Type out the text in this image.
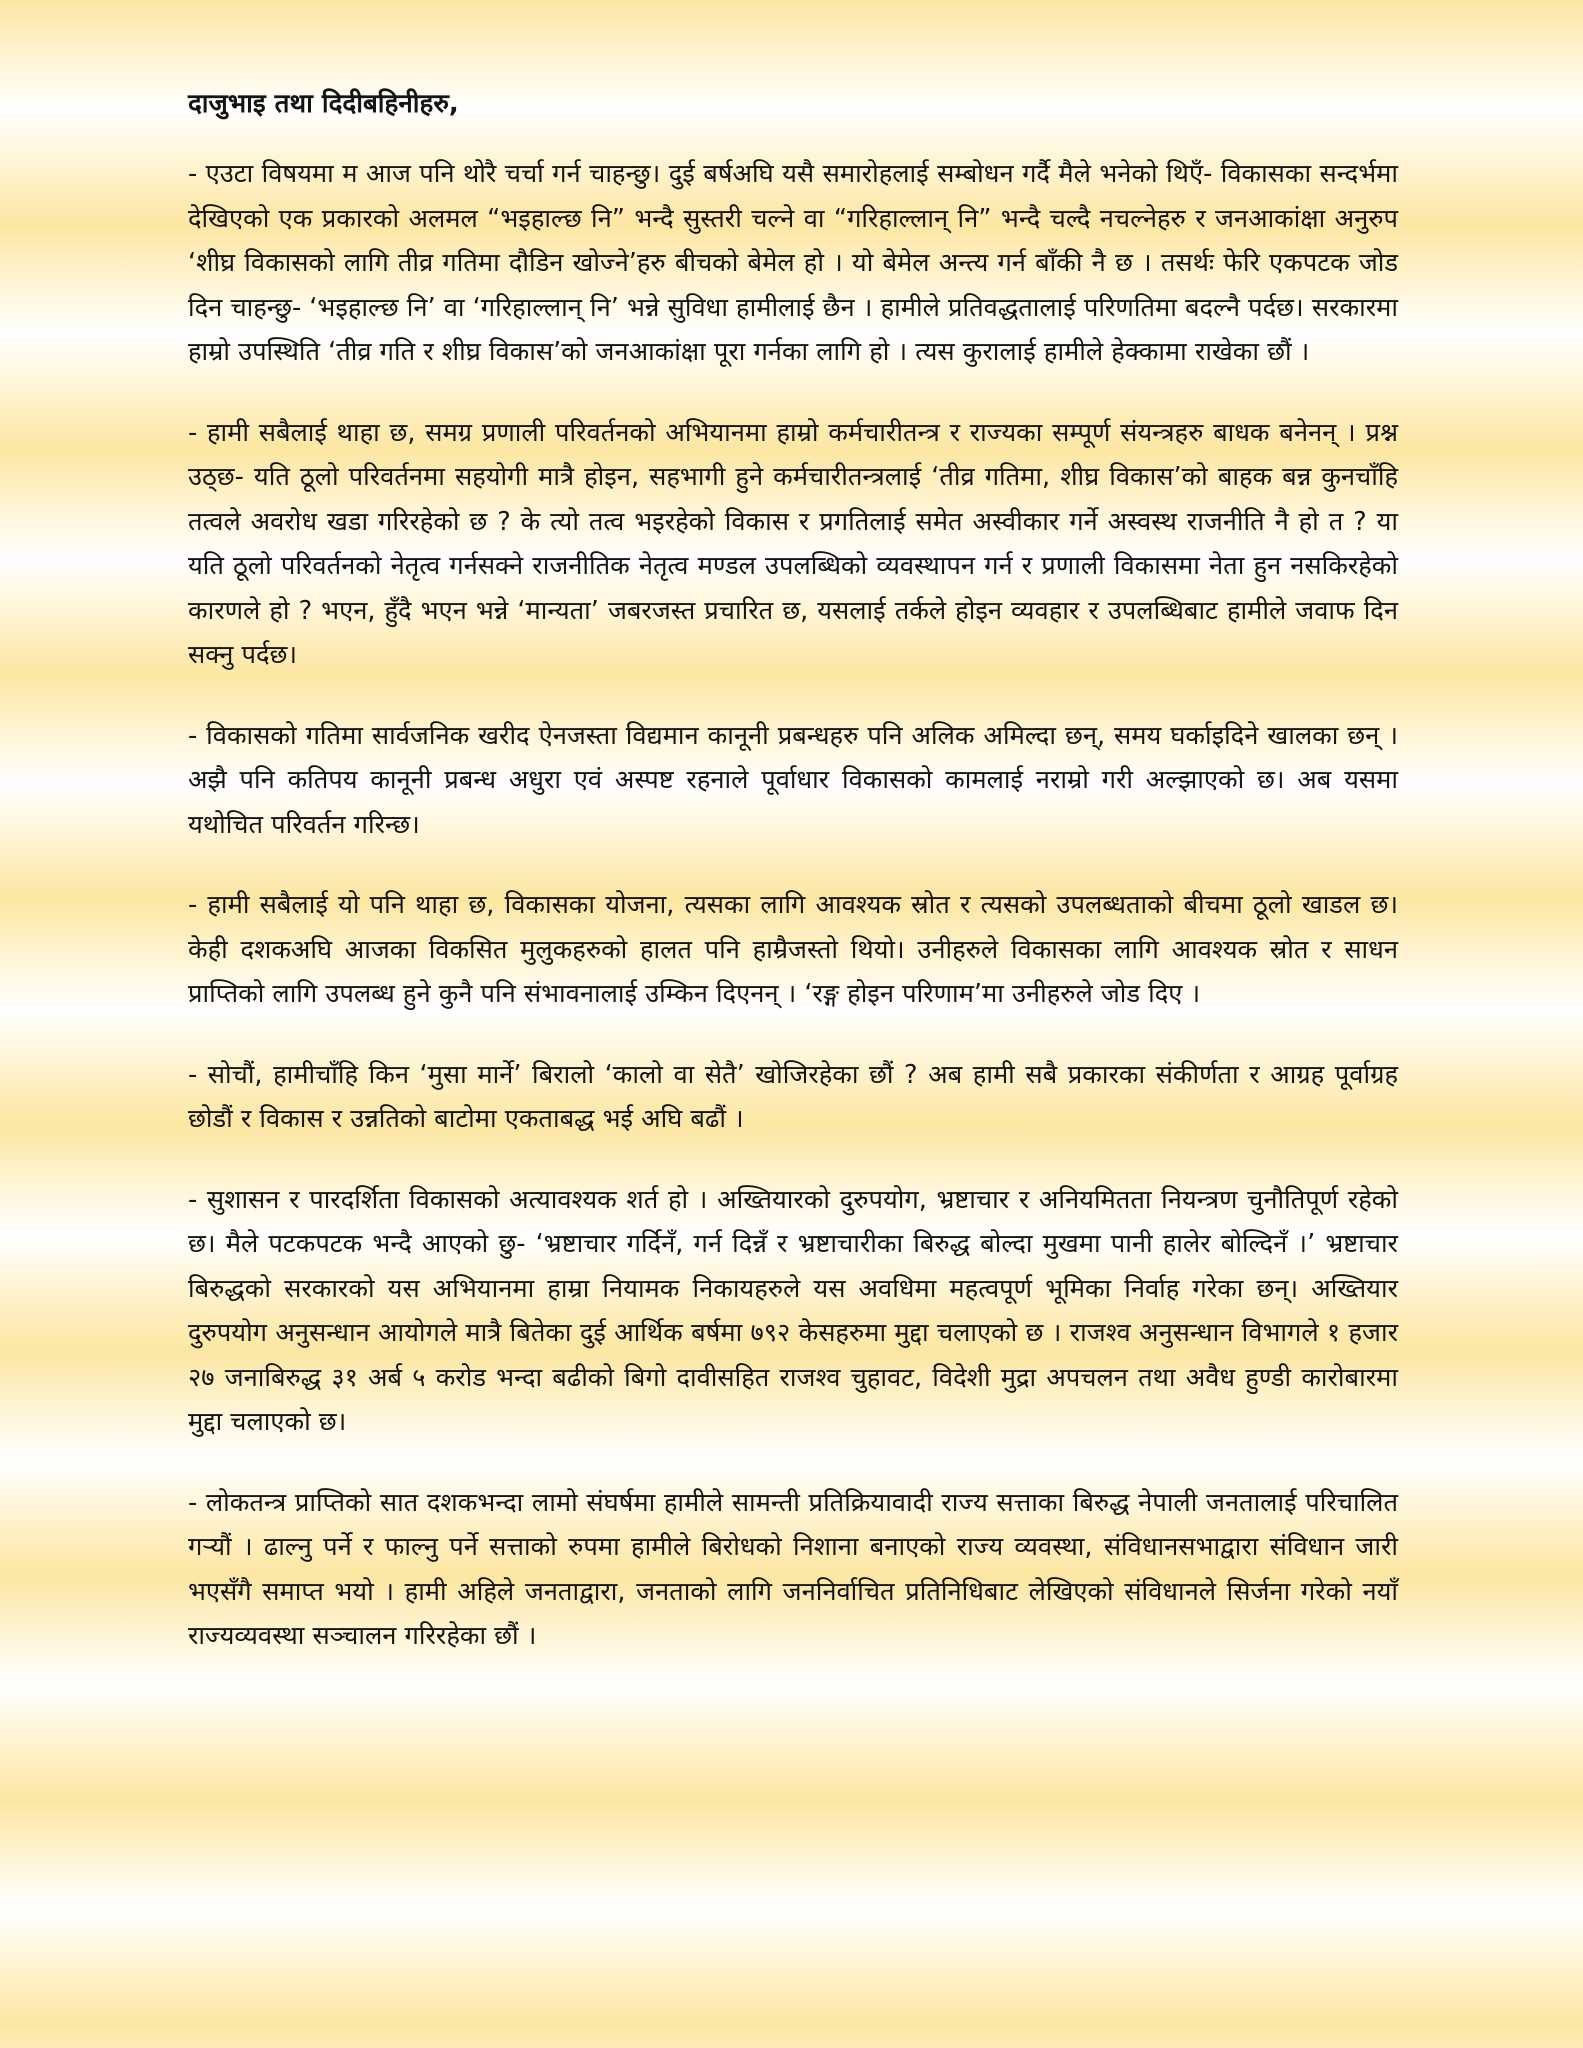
दाजुभाइ तथा दिदीबहिनीहरु,

- एउटा विषयमा म आज पनि थोरै चर्चा गर्न चाहन्छु। दुई बर्षअघि यसै समारोहलाई सम्बोधन गर्दै मैले भनेको थिएँ- विकासका सन्दर्भमा देखिएको एक प्रकारको अलमल “भइहाल्छ नि” भन्दै सुस्तरी चल्ने वा “गरिहाल्लान् नि” भन्दै चल्दै नचल्नेहरु र जनआकांक्षा अनुरुप ‘शीघ्र विकासको लागि तीव्र गतिमा दौडिन खोज्ने’हरु बीचको बेमेल हो । यो बेमेल अन्त्य गर्न बाँकी नै छ । तसर्थः फेरि एकपटक जोड दिन चाहन्छु- ‘भइहाल्छ नि’ वा ‘गरिहाल्लान् नि’ भन्ने सुविधा हामीलाई छैन । हामीले प्रतिवद्धतालाई परिणतिमा बदल्नै पर्दछ। सरकारमा हाम्रो उपस्थिति ‘तीव्र गति र शीघ्र विकास’को जनआकांक्षा पूरा गर्नका लागि हो । त्यस कुरालाई हामीले हेक्कामा राखेका छौं ।

- हामी सबैलाई थाहा छ, समग्र प्रणाली परिवर्तनको अभियानमा हाम्रो कर्मचारीतन्त्र र राज्यका सम्पूर्ण संयन्त्रहरु बाधक बनेनन् । प्रश्न उठ्छ- यति ठूलो परिवर्तनमा सहयोगी मात्रै होइन, सहभागी हुने कर्मचारीतन्त्रलाई ‘तीव्र गतिमा, शीघ्र विकास’को बाहक बन्न कुनचाँहि तत्वले अवरोध खडा गरिरहेको छ ? के त्यो तत्व भइरहेको विकास र प्रगतिलाई समेत अस्वीकार गर्ने अस्वस्थ राजनीति नै हो त ? या यति ठूलो परिवर्तनको नेतृत्व गर्नसक्ने राजनीतिक नेतृत्व मण्डल उपलब्धिको व्यवस्थापन गर्न र प्रणाली विकासमा नेता हुन नसकिरहेको कारणले हो ? भएन, हुँदै भएन भन्ने ‘मान्यता’ जबरजस्त प्रचारित छ, यसलाई तर्कले होइन व्यवहार र उपलब्धिबाट हामीले जवाफ दिन सक्नु पर्दछ।

- विकासको गतिमा सार्वजनिक खरीद ऐनजस्ता विद्यमान कानूनी प्रबन्धहरु पनि अलिक अमिल्दा छन्, समय घर्काइदिने खालका छन् । अझै पनि कतिपय कानूनी प्रबन्ध अधुरा एवं अस्पष्ट रहनाले पूर्वाधार विकासको कामलाई नराम्रो गरी अल्झाएको छ। अब यसमा यथोचित परिवर्तन गरिन्छ।

- हामी सबैलाई यो पनि थाहा छ, विकासका योजना, त्यसका लागि आवश्यक स्रोत र त्यसको उपलब्धताको बीचमा ठूलो खाडल छ। केही दशकअघि आजका विकसित मुलुकहरुको हालत पनि हाम्रैजस्तो थियो। उनीहरुले विकासका लागि आवश्यक स्रोत र साधन प्राप्तिको लागि उपलब्ध हुने कुनै पनि संभावनालाई उम्किन दिएनन् । ‘रङ्ग होइन परिणाम’मा उनीहरुले जोड दिए ।

- सोचौं, हामीचाँहि किन ‘मुसा मार्ने’ बिरालो ‘कालो वा सेतै’ खोजिरहेका छौं ? अब हामी सबै प्रकारका संकीर्णता र आग्रह पूर्वाग्रह छोडौं र विकास र उन्नतिको बाटोमा एकताबद्ध भई अघि बढौं ।

- सुशासन र पारदर्शिता विकासको अत्यावश्यक शर्त हो । अख्तियारको दुरुपयोग, भ्रष्टाचार र अनियमितता नियन्त्रण चुनौतिपूर्ण रहेको छ। मैले पटकपटक भन्दै आएको छु- ‘भ्रष्टाचार गर्दिनँ, गर्न दिन्नँ र भ्रष्टाचारीका बिरुद्ध बोल्दा मुखमा पानी हालेर बोल्दिनँ ।’ भ्रष्टाचार बिरुद्धको सरकारको यस अभियानमा हाम्रा नियामक निकायहरुले यस अवधिमा महत्वपूर्ण भूमिका निर्वाह गरेका छन्। अख्तियार दुरुपयोग अनुसन्धान आयोगले मात्रै बितेका दुई आर्थिक बर्षमा ७९२ केसहरुमा मुद्दा चलाएको छ । राजश्व अनुसन्धान विभागले १ हजार २७ जनाबिरुद्ध ३१ अर्ब ५ करोड भन्दा बढीको बिगो दावीसहित राजश्व चुहावट, विदेशी मुद्रा अपचलन तथा अवैध हुण्डी कारोबारमा मुद्दा चलाएको छ।

- लोकतन्त्र प्राप्तिको सात दशकभन्दा लामो संघर्षमा हामीले सामन्ती प्रतिक्रियावादी राज्य सत्ताका बिरुद्ध नेपाली जनतालाई परिचालित गर्‍यौं । ढाल्नु पर्ने र फाल्नु पर्ने सत्ताको रुपमा हामीले बिरोधको निशाना बनाएको राज्य व्यवस्था, संविधानसभाद्वारा संविधान जारी भएसँगै समाप्त भयो । हामी अहिले जनताद्वारा, जनताको लागि जननिर्वाचित प्रतिनिधिबाट लेखिएको संविधानले सिर्जना गरेको नयाँ राज्यव्यवस्था सञ्चालन गरिरहेका छौं ।
